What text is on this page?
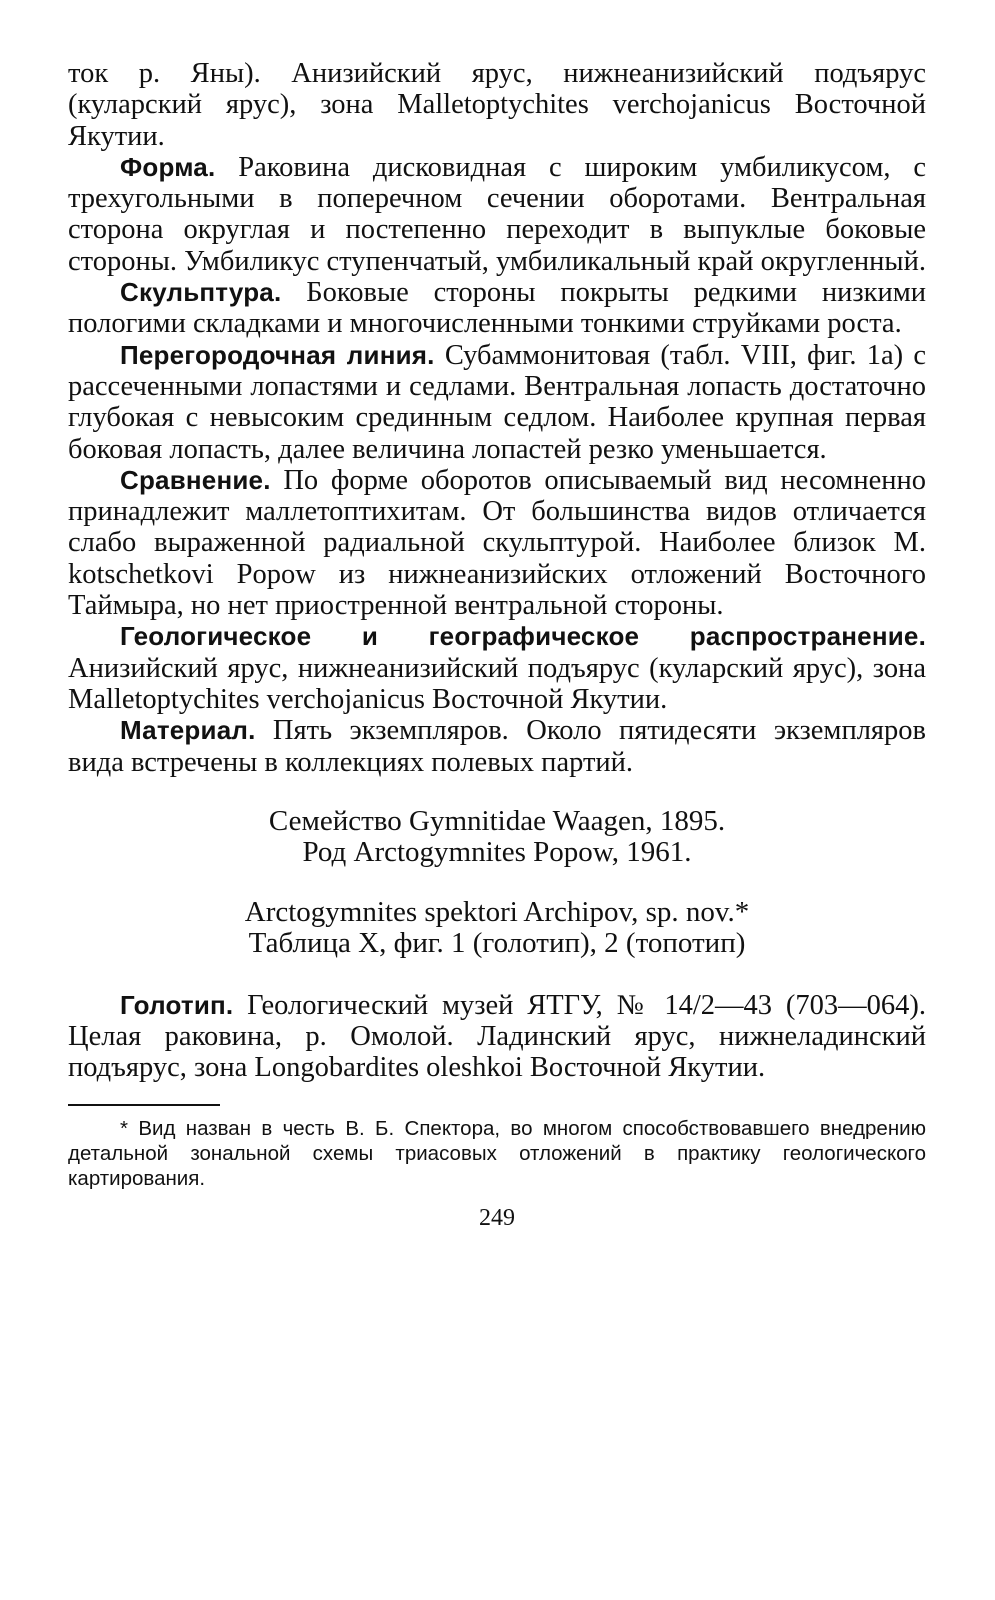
ток р. Яны). Анизийский ярус, нижнеанизийский подъярус (куларский ярус), зона Malletoptychites verchojanicus Восточной Якутии.

Форма. Раковина дисковидная с широким умбиликусом, с трехугольными в поперечном сечении оборотами. Вентральная сторона округлая и постепенно переходит в выпуклые боковые стороны. Умбиликус ступенчатый, умбиликальный край округленный.

Скульптура. Боковые стороны покрыты редкими низкими пологими складками и многочисленными тонкими струйками роста.

Перегородочная линия. Субаммонитовая (табл. VIII, фиг. 1а) с рассеченными лопастями и седлами. Вентральная лопасть достаточно глубокая с невысоким срединным седлом. Наиболее крупная первая боковая лопасть, далее величина лопастей резко уменьшается.

Сравнение. По форме оборотов описываемый вид несомненно принадлежит маллетоптихитам. От большинства видов отличается слабо выраженной радиальной скульптурой. Наиболее близок M. kotschetkovi Popow из нижнеанизийских отложений Восточного Таймыра, но нет приостренной вентральной стороны.

Геологическое и географическое распространение. Анизийский ярус, нижнеанизийский подъярус (куларский ярус), зона Malletoptychites verchojanicus Восточной Якутии.

Материал. Пять экземпляров. Около пятидесяти экземпляров вида встречены в коллекциях полевых партий.

Семейство Gymnitidae Waagen, 1895.

Род Arctogymnites Popow, 1961.

Arctogymnites spektori Archipov, sp. nov.*

Таблица X, фиг. 1 (голотип), 2 (топотип)

Голотип. Геологический музей ЯТГУ, № 14/2—43 (703—064). Целая раковина, р. Омолой. Ладинский ярус, нижнеладинский подъярус, зона Longobardites oleshkoi Восточной Якутии.

* Вид назван в честь В. Б. Спектора, во многом способствовавшего внедрению детальной зональной схемы триасовых отложений в практику геологического картирования.

249
